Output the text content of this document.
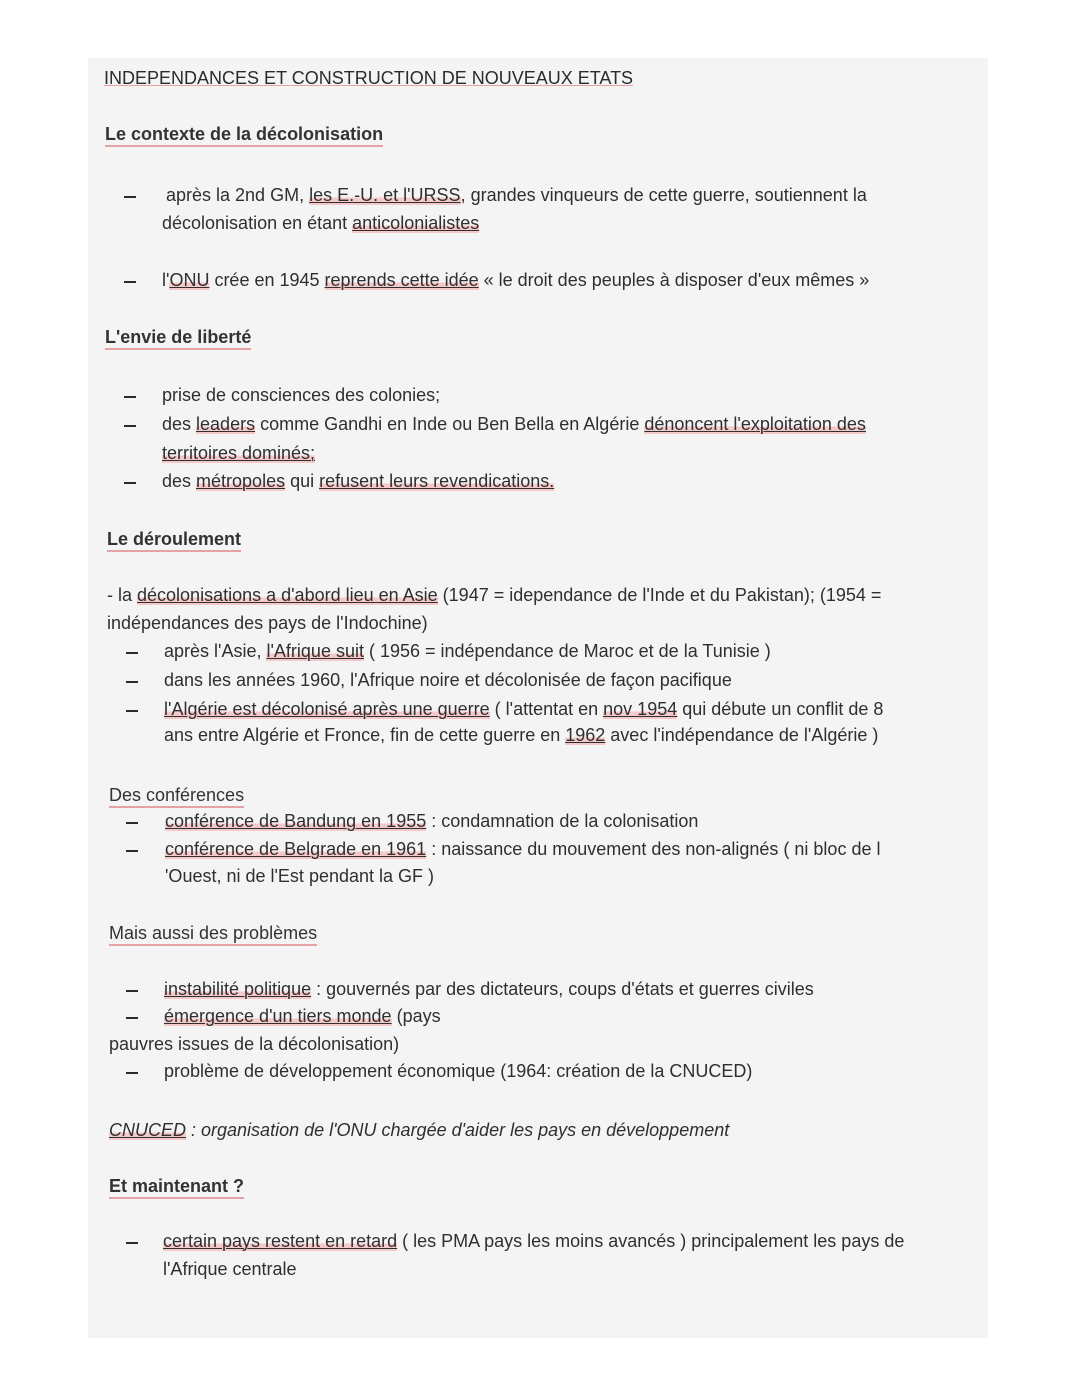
INDEPENDANCES ET CONSTRUCTION DE NOUVEAUX ETATS
Le contexte de la décolonisation
après la 2nd GM, les E.-U. et l'URSS, grandes vinqueurs de cette guerre, soutiennent la
décolonisation en étant anticolonialistes
l'ONU crée en 1945 reprends cette idée « le droit des peuples à disposer d'eux mêmes »
L'envie de liberté
prise de consciences des colonies;
des leaders comme Gandhi en Inde ou Ben Bella en Algérie dénoncent l'exploitation des
territoires dominés;
des métropoles qui refusent leurs revendications.
Le déroulement
- la décolonisations a d'abord lieu en Asie (1947 = idependance de l'Inde et du Pakistan); (1954 =
indépendances des pays de l'Indochine)
après l'Asie, l'Afrique suit ( 1956 = indépendance de Maroc et de la Tunisie )
dans les années 1960, l'Afrique noire et décolonisée de façon pacifique
l'Algérie est décolonisé après une guerre ( l'attentat en nov 1954 qui débute un conflit de 8
ans entre Algérie et Fronce, fin de cette guerre en 1962 avec l'indépendance de l'Algérie )
Des conférences
conférence de Bandung en 1955 : condamnation de la colonisation
conférence de Belgrade en 1961 : naissance du mouvement des non-alignés ( ni bloc de l
'Ouest, ni de l'Est pendant la GF )
Mais aussi des problèmes
instabilité politique : gouvernés par des dictateurs, coups d'états et guerres civiles
émergence d'un tiers monde (pays
pauvres issues de la décolonisation)
problème de développement économique (1964: création de la CNUCED)
CNUCED : organisation de l'ONU chargée d'aider les pays en développement
Et maintenant ?
certain pays restent en retard ( les PMA pays les moins avancés ) principalement les pays de
l'Afrique centrale
